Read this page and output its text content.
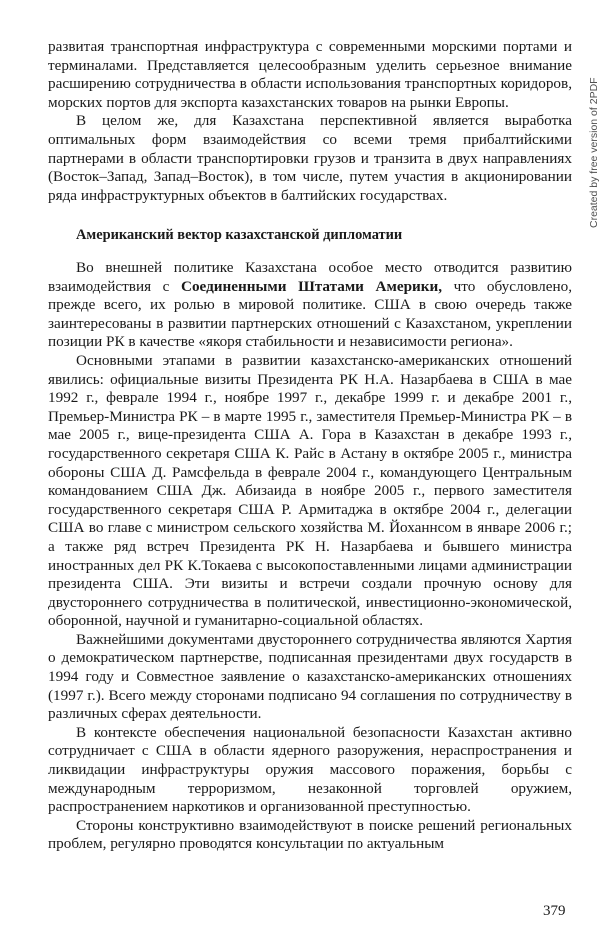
развитая транспортная инфраструктура с современными морскими портами и терминалами. Представляется целесообразным уделить серьезное внимание расширению сотрудничества в области использования транспортных коридоров, морских портов для экспорта казахстанских товаров на рынки Европы.

В целом же, для Казахстана перспективной является выработка оптимальных форм взаимодействия со всеми тремя прибалтийскими партнерами в области транспортировки грузов и транзита в двух направлениях (Восток–Запад, Запад–Восток), в том числе, путем участия в акционировании ряда инфраструктурных объектов в балтийских государствах.

Американский вектор казахстанской дипломатии

Во внешней политике Казахстана особое место отводится развитию взаимодействия с Соединенными Штатами Америки, что обусловлено, прежде всего, их ролью в мировой политике. США в свою очередь также заинтересованы в развитии партнерских отношений с Казахстаном, укреплении позиции РК в качестве «якоря стабильности и независимости региона».

Основными этапами в развитии казахстанско-американских отношений явились: официальные визиты Президента РК Н.А. Назарбаева в США в мае 1992 г., феврале 1994 г., ноябре 1997 г., декабре 1999 г. и декабре 2001 г., Премьер-Министра РК – в марте 1995 г., заместителя Премьер-Министра РК – в мае 2005 г., вице-президента США А. Гора в Казахстан в декабре 1993 г., государственного секретаря США К. Райс в Астану в октябре 2005 г., министра обороны США Д. Рамсфельда в феврале 2004 г., командующего Центральным командованием США Дж. Абизаида в ноябре 2005 г., первого заместителя государственного секретаря США Р. Армитаджа в октябре 2004 г., делегации США во главе с министром сельского хозяйства М. Йоханнсом в январе 2006 г.; а также ряд встреч Президента РК Н. Назарбаева и бывшего министра иностранных дел РК К.Токаева с высокопоставленными лицами администрации президента США. Эти визиты и встречи создали прочную основу для двустороннего сотрудничества в политической, инвестиционно-экономической, оборонной, научной и гуманитарно-социальной областях.

Важнейшими документами двустороннего сотрудничества являются Хартия о демократическом партнерстве, подписанная президентами двух государств в 1994 году и Совместное заявление о казахстанско-американских отношениях (1997 г.). Всего между сторонами подписано 94 соглашения по сотрудничеству в различных сферах деятельности.

В контексте обеспечения национальной безопасности Казахстан активно сотрудничает с США в области ядерного разоружения, нераспространения и ликвидации инфраструктуры оружия массового поражения, борьбы с международным терроризмом, незаконной торговлей оружием, распространением наркотиков и организованной преступностью.

Стороны конструктивно взаимодействуют в поиске решений региональных проблем, регулярно проводятся консультации по актуальным

379
Created by free version of 2PDF
